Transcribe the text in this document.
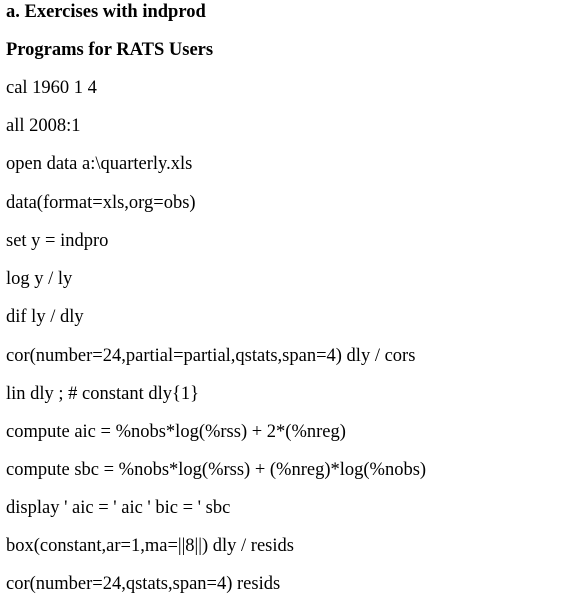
a. Exercises with indprod
Programs for RATS Users
cal 1960 1 4
all 2008:1
open data a:\quarterly.xls
data(format=xls,org=obs)
set y = indpro
log y / ly
dif ly / dly
cor(number=24,partial=partial,qstats,span=4) dly / cors
lin dly ; # constant dly{1}
compute aic = %nobs*log(%rss) + 2*(%nreg)
compute sbc = %nobs*log(%rss) + (%nreg)*log(%nobs)
display ' aic = ' aic ' bic = ' sbc
box(constant,ar=1,ma=||8||) dly / resids
cor(number=24,qstats,span=4) resids
